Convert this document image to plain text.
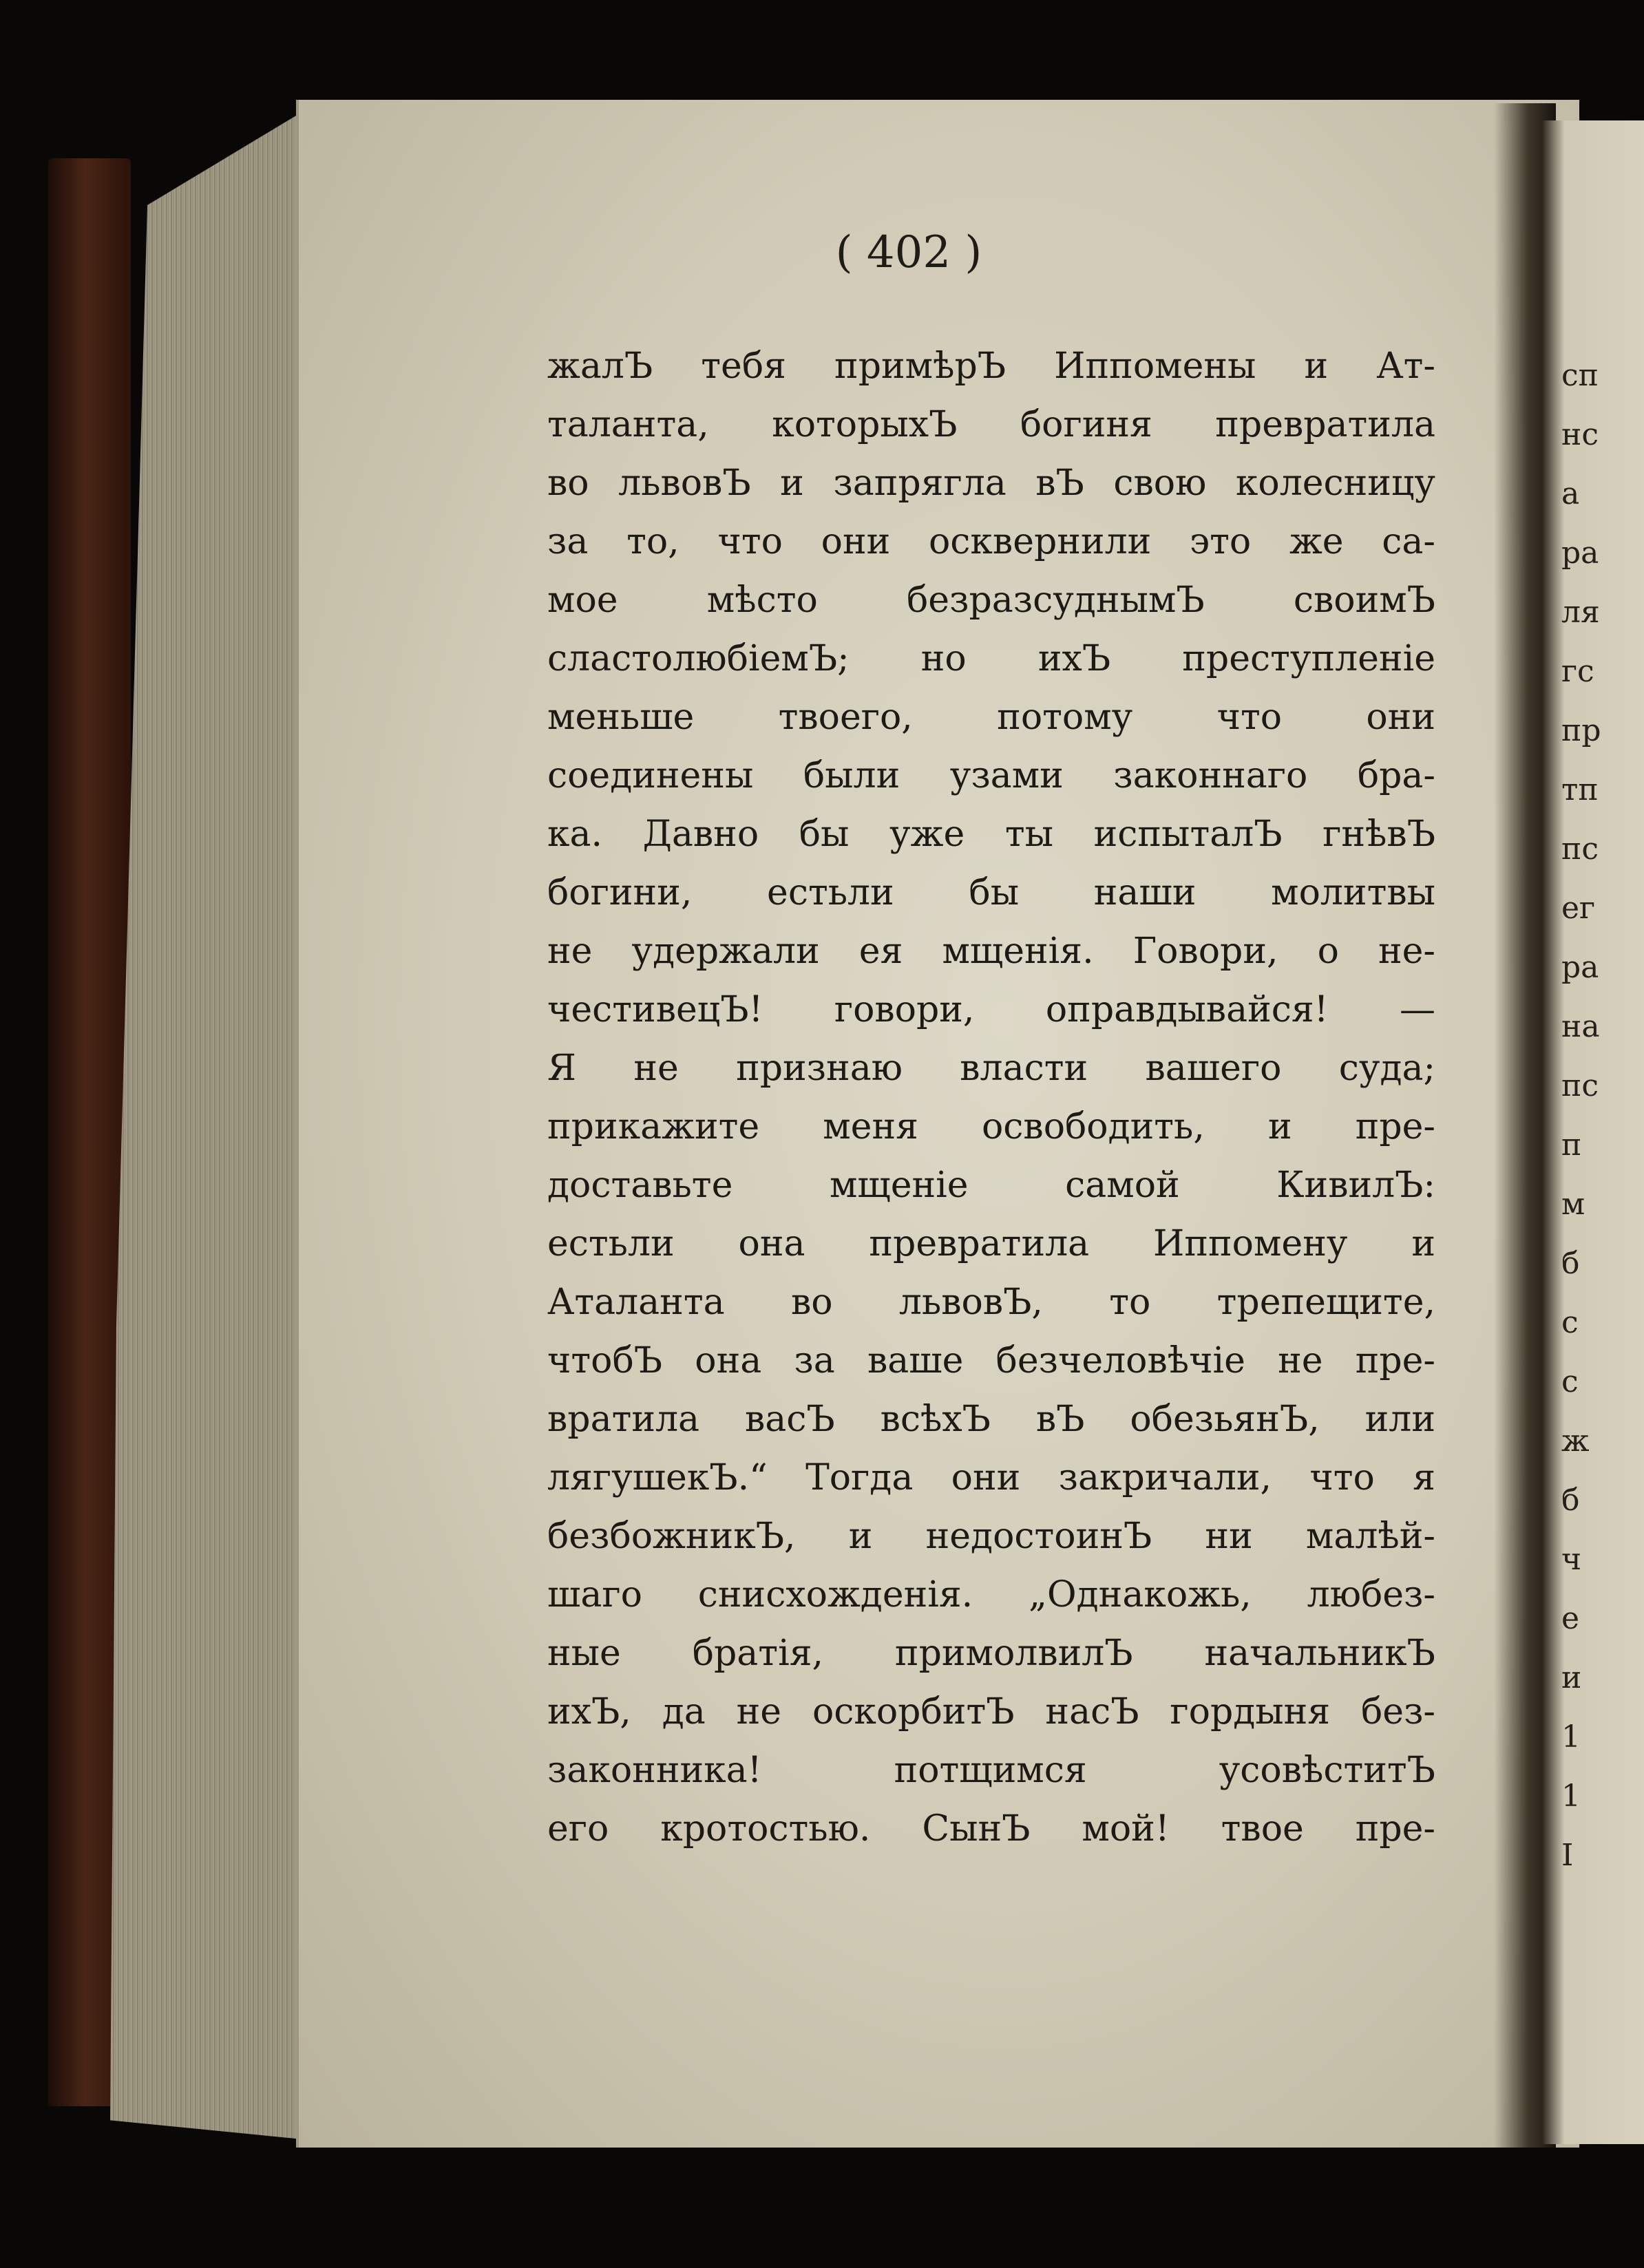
сп
нс
а
ра
ля
гс
пр
тп
пс
ег
ра
на
пс
п
м
б
с
с
ж
б
ч
е
и
1
1
I
( 402 )
жалЪ тебя примѣрЪ Иппомены и Ат-
таланта, которыхЪ богиня превратила
во львовЪ и запрягла вЪ свою колесницу
за то, что они осквернили это же са-
мое мѣсто безразсуднымЪ своимЪ
сластолюбіемЪ; но ихЪ преступленіе
меньше твоего, потому что они
соединены были узами законнаго бра-
ка. Давно бы уже ты испыталЪ гнѣвЪ
богини, естьли бы наши молитвы
не удержали ея мщенія. Говори, о не-
честивецЪ! говори, оправдывайся! —
Я не признаю власти вашего суда;
прикажите меня освободить, и пре-
доставьте мщеніе самой КивилЪ:
естьли она превратила Иппомену и
Аталанта во львовЪ, то трепещите,
чтобЪ она за ваше безчеловѣчіе не пре-
вратила васЪ всѣхЪ вЪ обезьянЪ, или
лягушекЪ.“ Тогда они закричали, что я
безбожникЪ, и недостоинЪ ни малѣй-
шаго снисхожденія. „Однакожь, любез-
ные братія, примолвилЪ начальникЪ
ихЪ, да не оскорбитЪ насЪ гордыня без-
законника! потщимся усовѣститЪ
его кротостью. СынЪ мой! твое пре-
